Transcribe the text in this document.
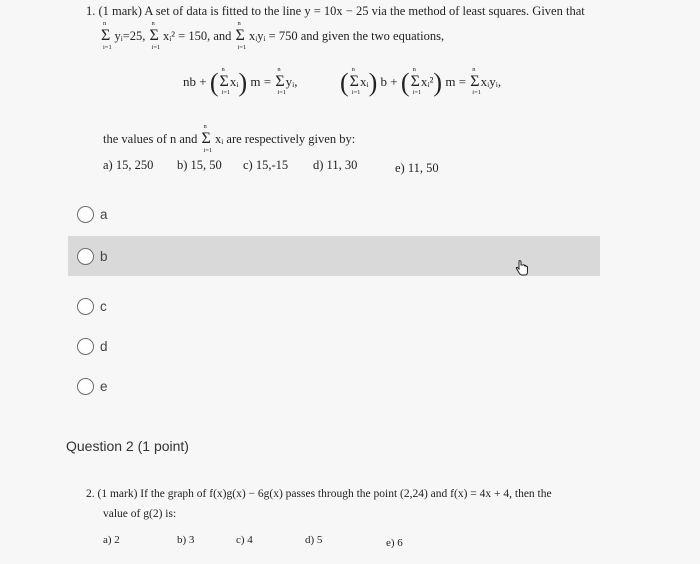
1. (1 mark) A set of data is fitted to the line y = 10x − 25 via the method of least squares. Given that
Σ
n
i=1
yᵢ=25, Σ
n
i=1
xᵢ² = 150, and Σ
n
i=1
xᵢyᵢ = 750 and given the two equations,
nb + (Σ
n
i=1
xᵢ) m = Σ
n
i=1
yᵢ, (Σ
n
i=1
xᵢ) b + (Σ
n
i=1
xᵢ²) m = Σ
n
i=1
xᵢyᵢ,
the values of n and Σ
n
i=1
xᵢ are respectively given by:
a) 15, 250 b) 15, 50 c) 15,-15 d) 11, 30	e) 11, 50
a
b
c
d
e
Question 2 (1 point)
2. (1 mark) If the graph of f(x)g(x) − 6g(x) passes through the point (2,24) and f(x) = 4x + 4, then the
value of g(2) is:
a) 2	b) 3	c) 4	d) 5	e) 6
